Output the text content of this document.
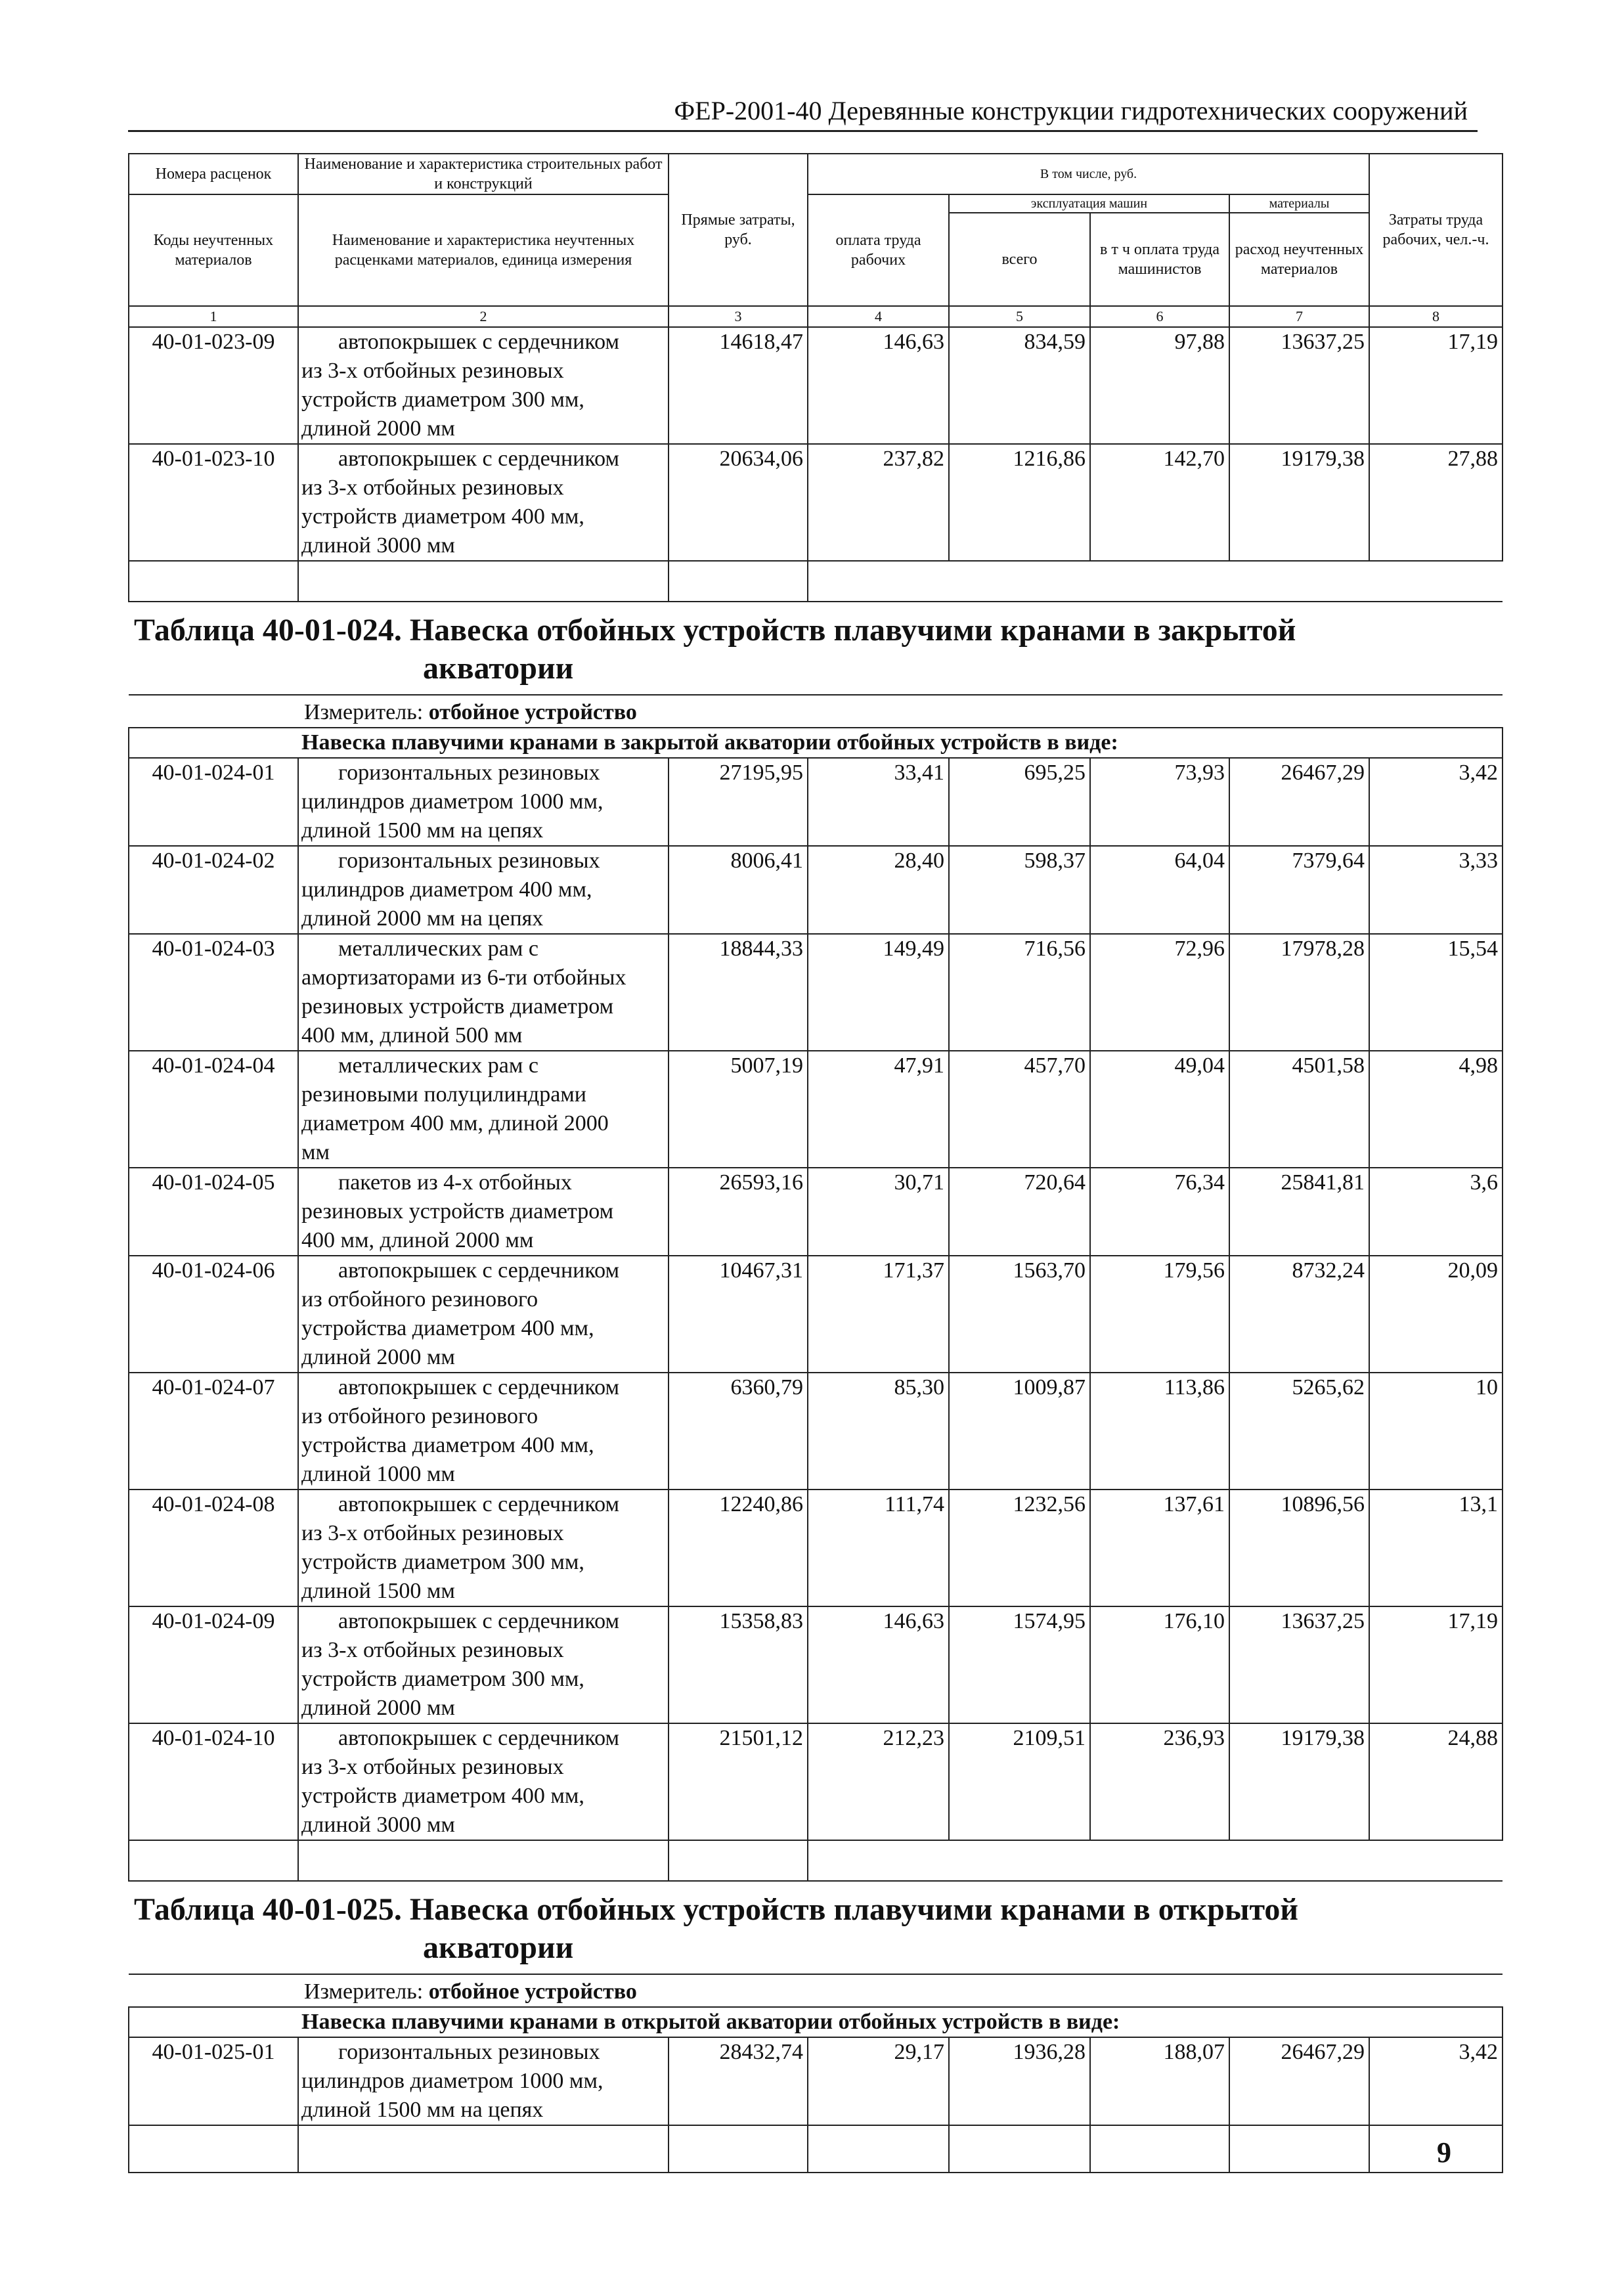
ФЕР-2001-40 Деревянные конструкции гидротехнических сооружений
Номера расценок	Наименование и характеристика строительных работ и конструкций	Прямые затраты, руб.	В том числе, руб.				Затраты труда рабочих, чел.-ч.
Коды неучтенных материалов	Наименование и характеристика неучтенных расценками материалов, единица измерения		оплата труда рабочих	эксплуатация машин		материалы	
				всего	в т ч оплата труда машинистов	расход неучтенных материалов	
1	2	3	4	5	6	7	8
40-01-023-09	автопокрышек с сердечником
из 3-х отбойных резиновых
устройств диаметром 300 мм,
длиной 2000 мм	14618,47	146,63	834,59	97,88	13637,25	17,19
40-01-023-10	автопокрышек с сердечником
из 3-х отбойных резиновых
устройств диаметром 400 мм,
длиной 3000 мм	20634,06	237,82	1216,86	142,70	19179,38	27,88

Таблица 40-01-024. Навеска отбойных устройств плавучими кранами в закрытой
акватории							

Измеритель: отбойное устройство							
Навеска плавучими кранами в закрытой акватории отбойных устройств в виде:							
40-01-024-01	горизонтальных резиновых
цилиндров диаметром 1000 мм,
длиной 1500 мм на цепях	27195,95	33,41	695,25	73,93	26467,29	3,42
40-01-024-02	горизонтальных резиновых
цилиндров диаметром 400 мм,
длиной 2000 мм на цепях	8006,41	28,40	598,37	64,04	7379,64	3,33
40-01-024-03	металлических рам с
амортизаторами из 6-ти отбойных
резиновых устройств диаметром
400 мм, длиной 500 мм	18844,33	149,49	716,56	72,96	17978,28	15,54
40-01-024-04	металлических рам с
резиновыми полуцилиндрами
диаметром 400 мм, длиной 2000
мм	5007,19	47,91	457,70	49,04	4501,58	4,98
40-01-024-05	пакетов из 4-х отбойных
резиновых устройств диаметром
400 мм, длиной 2000 мм	26593,16	30,71	720,64	76,34	25841,81	3,6
40-01-024-06	автопокрышек с сердечником
из отбойного резинового
устройства диаметром 400 мм,
длиной 2000 мм	10467,31	171,37	1563,70	179,56	8732,24	20,09
40-01-024-07	автопокрышек с сердечником
из отбойного резинового
устройства диаметром 400 мм,
длиной 1000 мм	6360,79	85,30	1009,87	113,86	5265,62	10
40-01-024-08	автопокрышек с сердечником
из 3-х отбойных резиновых
устройств диаметром 300 мм,
длиной 1500 мм	12240,86	111,74	1232,56	137,61	10896,56	13,1
40-01-024-09	автопокрышек с сердечником
из 3-х отбойных резиновых
устройств диаметром 300 мм,
длиной 2000 мм	15358,83	146,63	1574,95	176,10	13637,25	17,19
40-01-024-10	автопокрышек с сердечником
из 3-х отбойных резиновых
устройств диаметром 400 мм,
длиной 3000 мм	21501,12	212,23	2109,51	236,93	19179,38	24,88

Таблица 40-01-025. Навеска отбойных устройств плавучими кранами в открытой
акватории							

Измеритель: отбойное устройство							
Навеска плавучими кранами в открытой акватории отбойных устройств в виде:							
40-01-025-01	горизонтальных резиновых
цилиндров диаметром 1000 мм,
длиной 1500 мм на цепях	28432,74	29,17	1936,28	188,07	26467,29	3,42

9
